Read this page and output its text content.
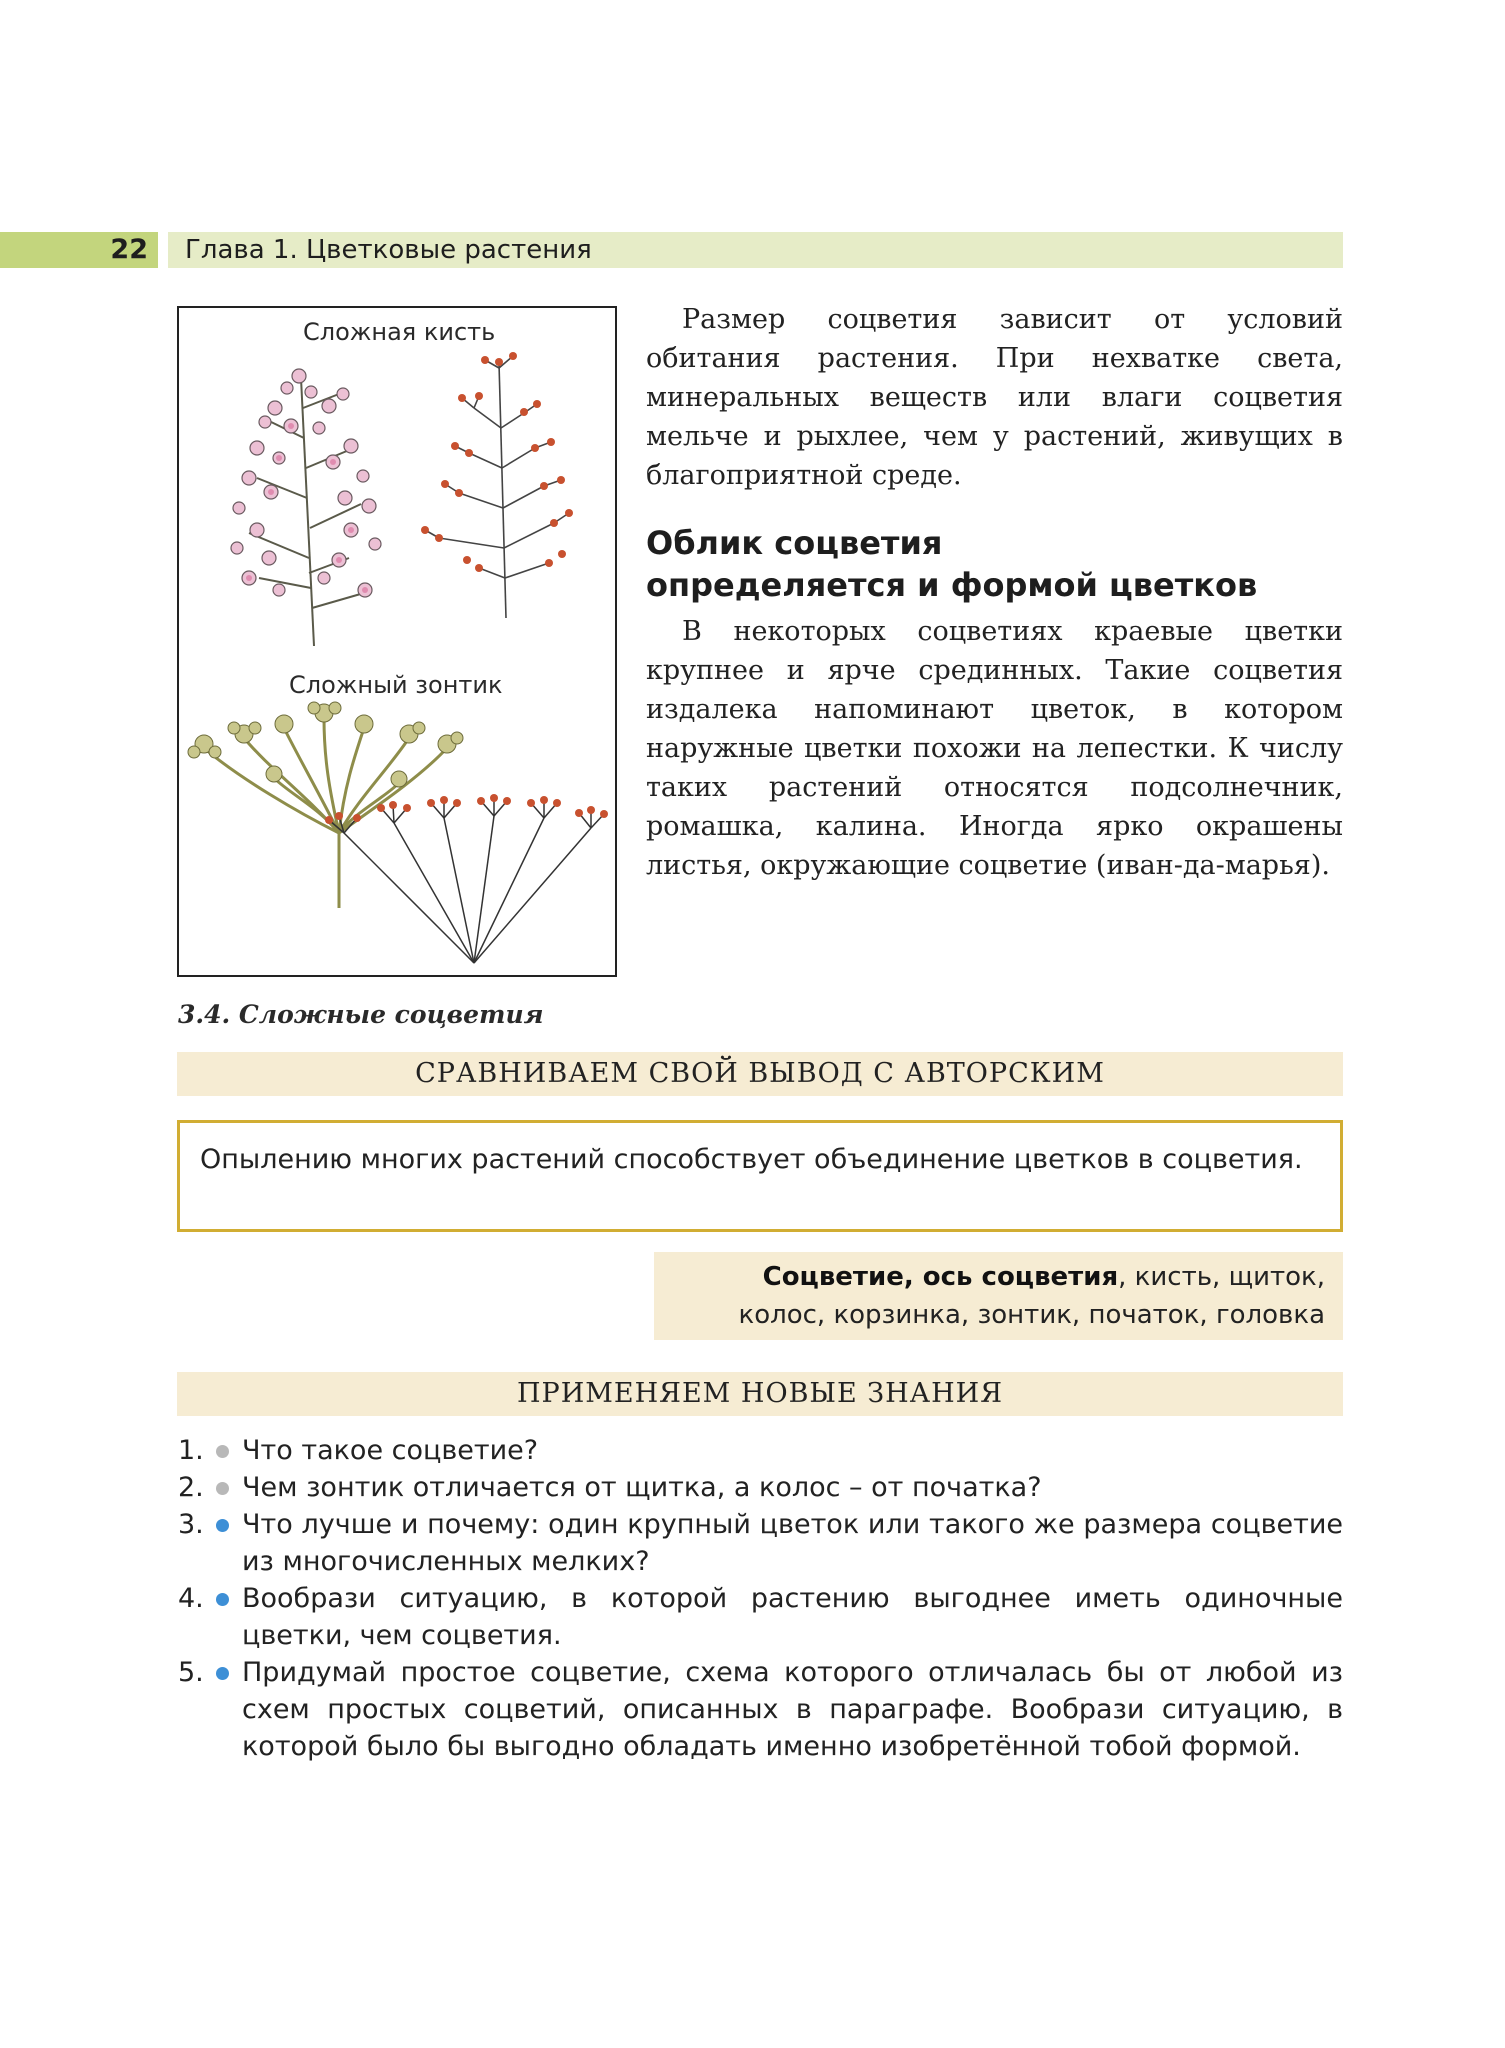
22	Глава 1. Цветковые растения
Сложная кисть
Сложный зонтик
3.4. Сложные соцветия

Размер соцветия зависит от условий обитания растения. При нехватке света, минеральных веществ или влаги соцветия мельче и рыхлее, чем у растений, живущих в благоприятной среде.

Облик соцветия
определяется и формой цветков

В некоторых соцветиях краевые цветки крупнее и ярче срединных. Такие соцветия издалека напоминают цветок, в котором наружные цветки похожи на лепестки. К числу таких растений относятся подсолнечник, ромашка, калина. Иногда ярко окрашены листья, окружающие соцветие (иван-да-марья).

СРАВНИВАЕМ СВОЙ ВЫВОД С АВТОРСКИМ
Опылению многих растений способствует объединение цветков в соцветия.
Соцветие, ось соцветия, кисть, щиток,
колос, корзинка, зонтик, початок, головка
ПРИМЕНЯЕМ НОВЫЕ ЗНАНИЯ
1. Что такое соцветие?
2. Чем зонтик отличается от щитка, а колос – от початка?
3. Что лучше и почему: один крупный цветок или такого же размера соцветие из многочисленных мелких?
4. Вообрази ситуацию, в которой растению выгоднее иметь одиночные цветки, чем соцветия.
5. Придумай простое соцветие, схема которого отличалась бы от любой из схем простых соцветий, описанных в параграфе. Вообрази ситуацию, в которой было бы выгодно обладать именно изобретённой тобой формой.
